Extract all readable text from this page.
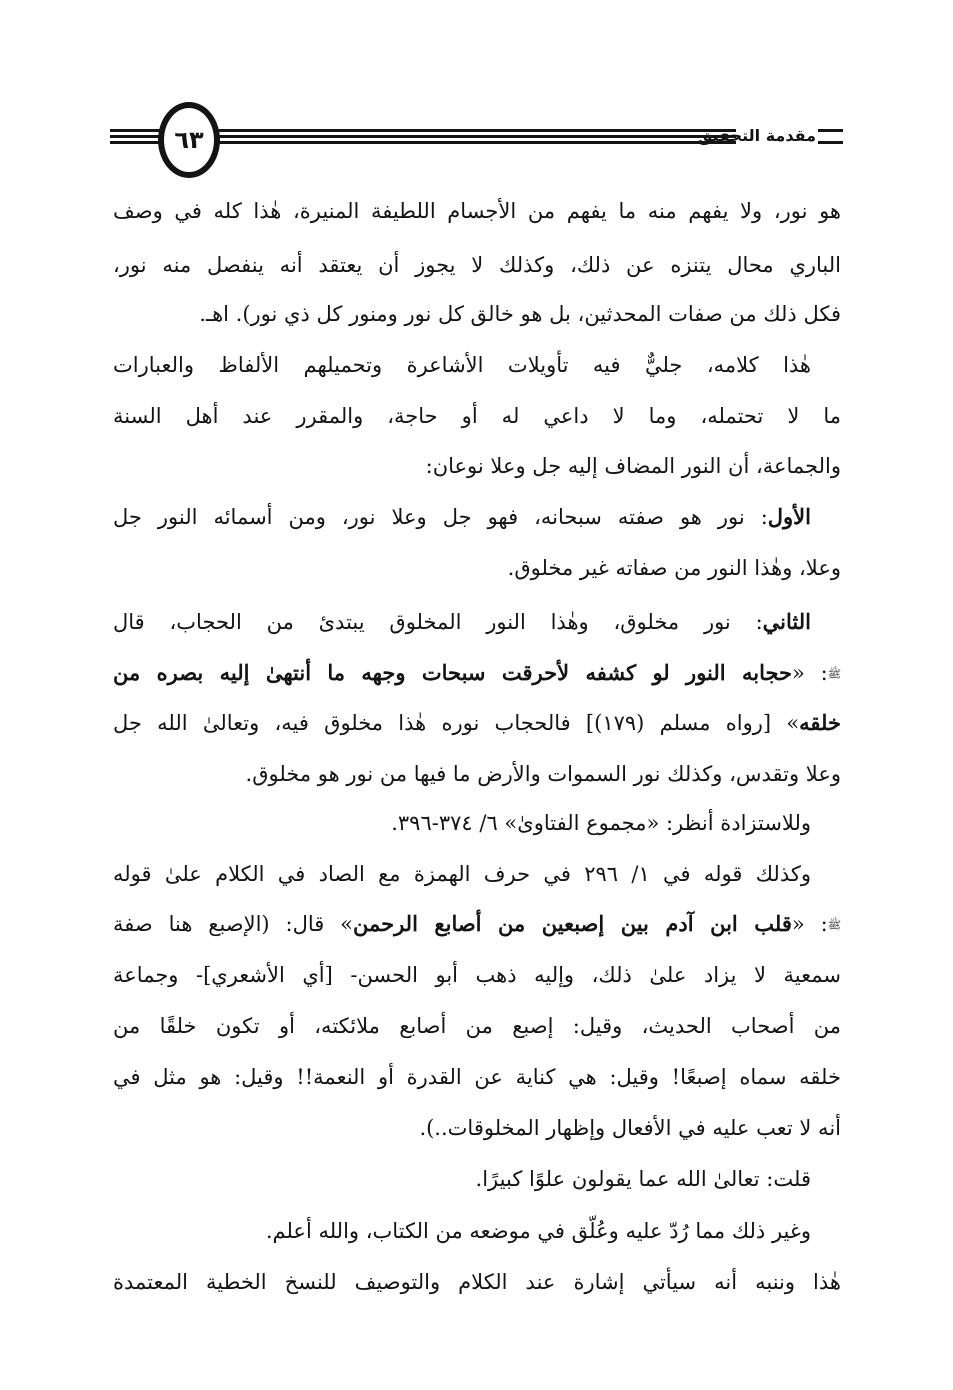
٦٣	مقدمة التحقيق
هو نور، ولا يفهم منه ما يفهم من الأجسام اللطيفة المنيرة، هٰذا كله في وصف
الباري محال يتنزه عن ذلك، وكذلك لا يجوز أن يعتقد أنه ينفصل منه نور،
فكل ذلك من صفات المحدثين، بل هو خالق كل نور ومنور كل ذي نور). اهـ.
هٰذا كلامه، جليٌّ فيه تأويلات الأشاعرة وتحميلهم الألفاظ والعبارات
ما لا تحتمله، وما لا داعي له أو حاجة، والمقرر عند أهل السنة
والجماعة، أن النور المضاف إليه جل وعلا نوعان:
الأول: نور هو صفته سبحانه، فهو جل وعلا نور، ومن أسمائه النور جل
وعلا، وهٰذا النور من صفاته غير مخلوق.
الثاني: نور مخلوق، وهٰذا النور المخلوق يبتدئ من الحجاب، قال
ﷺ: «حجابه النور لو كشفه لأحرقت سبحات وجهه ما أنتهىٰ إليه بصره من
خلقه» [رواه مسلم (١٧٩)] فالحجاب نوره هٰذا مخلوق فيه، وتعالىٰ الله جل
وعلا وتقدس، وكذلك نور السموات والأرض ما فيها من نور هو مخلوق.
وللاستزادة أنظر: «مجموع الفتاوىٰ» ٦/ ٣٧٤-٣٩٦.
وكذلك قوله في ١/ ٢٩٦ في حرف الهمزة مع الصاد في الكلام علىٰ قوله
ﷺ: «قلب ابن آدم بين إصبعين من أصابع الرحمن» قال: (الإصبع هنا صفة
سمعية لا يزاد علىٰ ذلك، وإليه ذهب أبو الحسن- [أي الأشعري]- وجماعة
من أصحاب الحديث، وقيل: إصبع من أصابع ملائكته، أو تكون خلقًا من
خلقه سماه إصبعًا! وقيل: هي كناية عن القدرة أو النعمة!! وقيل: هو مثل في
أنه لا تعب عليه في الأفعال وإظهار المخلوقات..).
قلت: تعالىٰ الله عما يقولون علوًا كبيرًا.
وغير ذلك مما رُدّ عليه وعُلّق في موضعه من الكتاب، والله أعلم.
هٰذا وننبه أنه سيأتي إشارة عند الكلام والتوصيف للنسخ الخطية المعتمدة
